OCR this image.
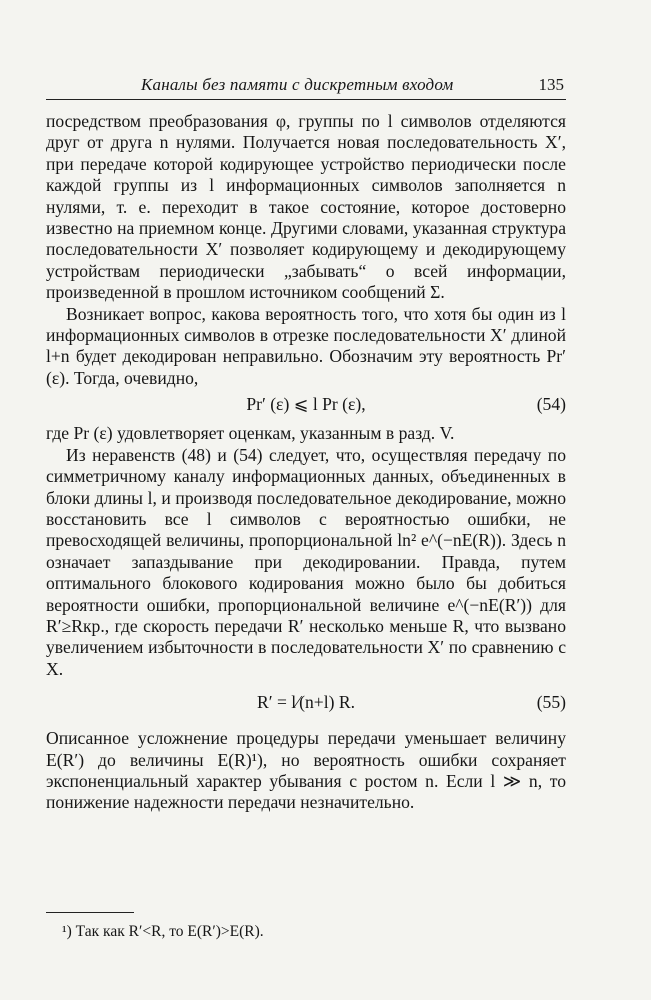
Каналы без памяти с дискретным входом	135

посредством преобразования φ, группы по l символов отделяются друг от друга n нулями. Получается новая последовательность X′, при передаче которой кодирующее устройство периодически после каждой группы из l информационных символов заполняется n нулями, т. е. переходит в такое состояние, которое достоверно известно на приемном конце. Другими словами, указанная структура последовательности X′ позволяет кодирующему и декодирующему устройствам периодически „забывать“ о всей информации, произведенной в прошлом источником сообщений Σ.

Возникает вопрос, какова вероятность того, что хотя бы один из l информационных символов в отрезке последовательности X′ длиной l+n будет декодирован неправильно. Обозначим эту вероятность Pr′(ε). Тогда, очевидно,

Pr′ (ε) ⩽ l Pr (ε),	(54)

где Pr (ε) удовлетворяет оценкам, указанным в разд. V.

Из неравенств (48) и (54) следует, что, осуществляя передачу по симметричному каналу информационных данных, объединенных в блоки длины l, и производя последовательное декодирование, можно восстановить все l символов с вероятностью ошибки, не превосходящей величины, пропорциональной ln² e^(−nE(R)). Здесь n означает запаздывание при декодировании. Правда, путем оптимального блокового кодирования можно было бы добиться вероятности ошибки, пропорциональной величине e^(−nE(R′)) для R′≥Rкр., где скорость передачи R′ несколько меньше R, что вызвано увеличением избыточности в последовательности X′ по сравнению с X.

R′ = l⁄(n+l) R.	(55)

Описанное усложнение процедуры передачи уменьшает величину E(R′) до величины E(R)¹), но вероятность ошибки сохраняет экспоненциальный характер убывания с ростом n. Если l ≫ n, то понижение надежности передачи незначительно.

¹) Так как R′<R, то E(R′)>E(R).
